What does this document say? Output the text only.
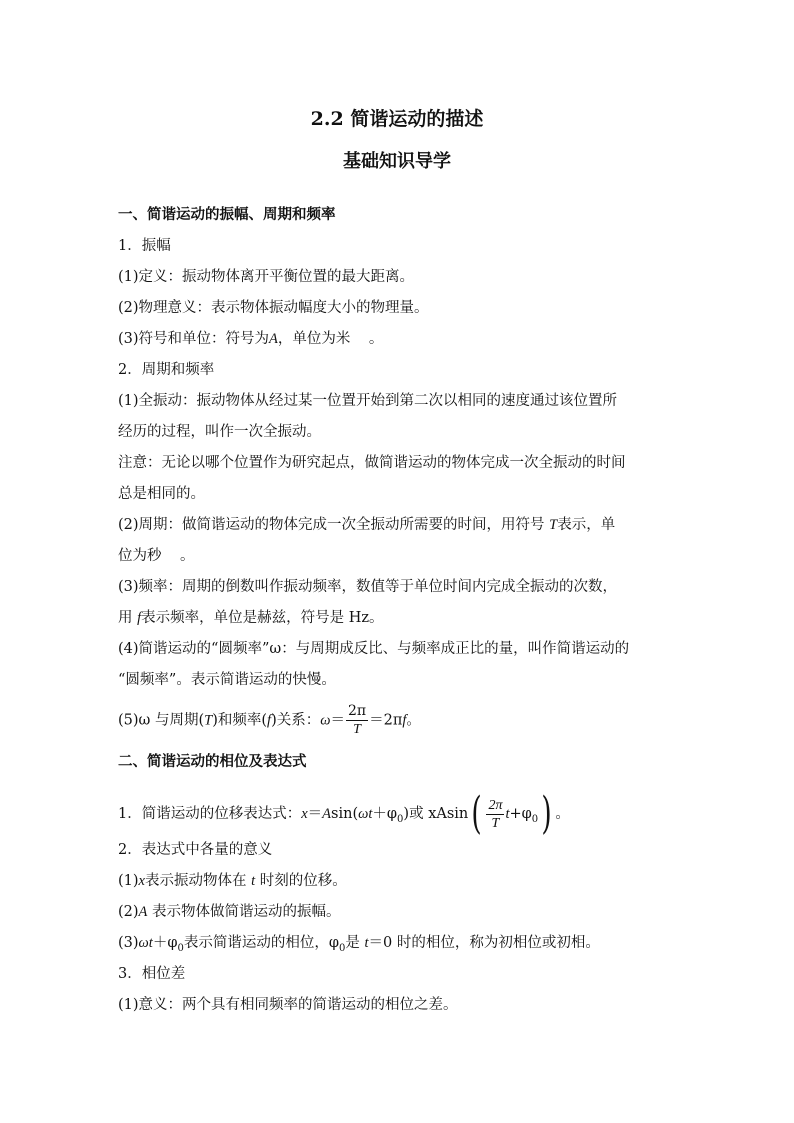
2.2 简谐运动的描述
基础知识导学
一、简谐运动的振幅、周期和频率
1．振幅
(1)定义：振动物体离开平衡位置的最大距离。
(2)物理意义：表示物体振动幅度大小的物理量。
(3)符号和单位：符号为A，单位为米 。
2．周期和频率
(1)全振动：振动物体从经过某一位置开始到第二次以相同的速度通过该位置所
经历的过程，叫作一次全振动。
注意：无论以哪个位置作为研究起点，做简谐运动的物体完成一次全振动的时间
总是相同的。
(2)周期：做简谐运动的物体完成一次全振动所需要的时间，用符号 T表示，单
位为秒 。
(3)频率：周期的倒数叫作振动频率，数值等于单位时间内完成全振动的次数，
用 f表示频率，单位是赫兹，符号是 Hz。
(4)简谐运动的“圆频率”ω：与周期成反比、与频率成正比的量，叫作简谐运动的
“圆频率”。表示简谐运动的快慢。
(5)ω 与周期(T)和频率(f)关系：$\omega= \frac{2\pi}{T} =2\pi f$。
二、简谐运动的相位及表达式
1．简谐运动的位移表达式：$x=Asin(\omega t+\varphi_0)$或 $xAsin( \frac{2\pi}{T} t+\varphi_0)$ 。
2．表达式中各量的意义
(1)x表示振动物体在 t 时刻的位移。
(2)A 表示物体做简谐运动的振幅。
$(3)\omega t+\varphi_0$表示简谐运动的相位，$\varphi_0$是 t＝0 时的相位，称为初相位或初相。
3．相位差
(1)意义：两个具有相同频率的简谐运动的相位之差。
